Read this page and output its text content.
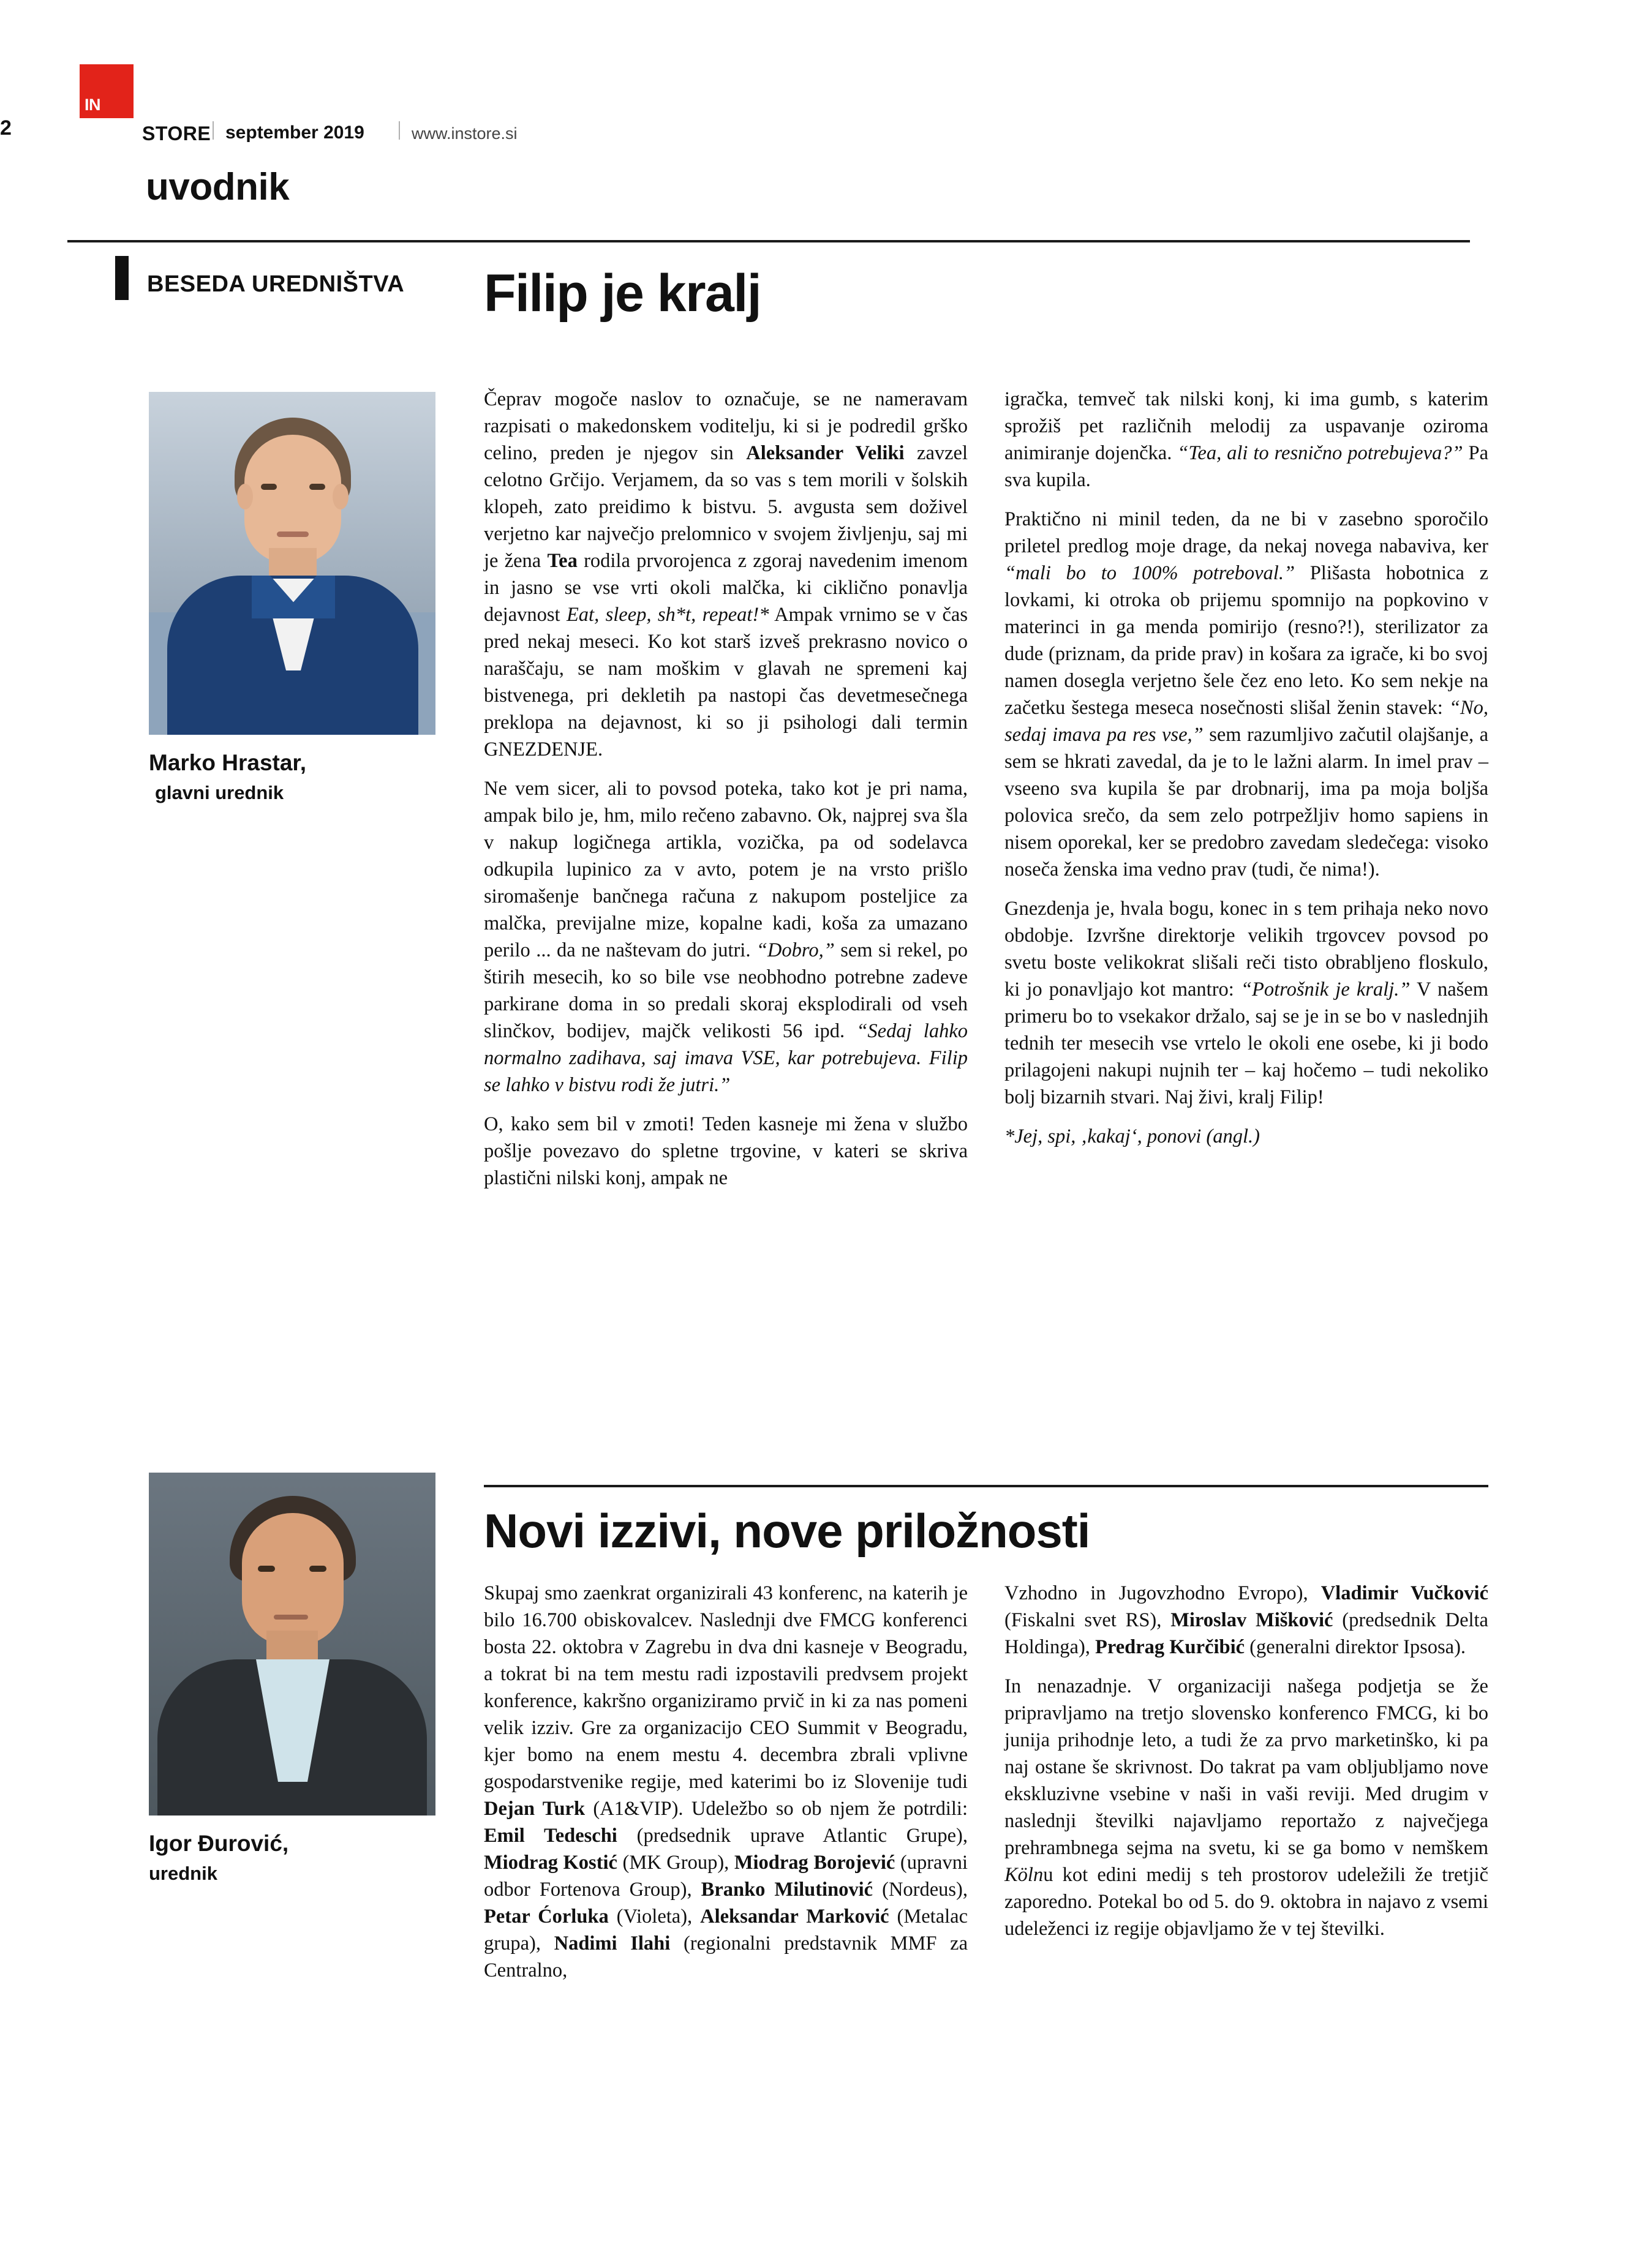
2
IN
STORE september 2019	www.instore.si
uvodnik
BESEDA UREDNIŠTVA Filip je kralj
Marko Hrastar,
glavni urednik

Čeprav mogoče naslov to označuje, se ne nameravam razpisati o makedonskem voditelju, ki si je podredil grško celino, preden je njegov sin Aleksander Veliki zavzel celotno Grčijo. Verjamem, da so vas s tem morili v šolskih klopeh, zato preidimo k bistvu. 5. avgusta sem doživel verjetno kar največjo prelomnico v svojem življenju, saj mi je žena Tea rodila prvorojenca z zgoraj navedenim imenom in jasno se vse vrti okoli malčka, ki ciklično ponavlja dejavnost Eat, sleep, sh*t, repeat!* Ampak vrnimo se v čas pred nekaj meseci. Ko kot starš izveš prekrasno novico o naraščaju, se nam moškim v glavah ne spremeni kaj bistvenega, pri dekletih pa nastopi čas devetmesečnega preklopa na dejavnost, ki so ji psihologi dali termin GNEZDENJE.

Ne vem sicer, ali to povsod poteka, tako kot je pri nama, ampak bilo je, hm, milo rečeno zabavno. Ok, najprej sva šla v nakup logičnega artikla, vozička, pa od sodelavca odkupila lupinico za v avto, potem je na vrsto prišlo siromašenje bančnega računa z nakupom posteljice za malčka, previjalne mize, kopalne kadi, koša za umazano perilo ... da ne naštevam do jutri. “Dobro,” sem si rekel, po štirih mesecih, ko so bile vse neobhodno potrebne zadeve parkirane doma in so predali skoraj eksplodirali od vseh slinčkov, bodijev, majčk velikosti 56 ipd. “Sedaj lahko normalno zadihava, saj imava VSE, kar potrebujeva. Filip se lahko v bistvu rodi že jutri.”

O, kako sem bil v zmoti! Teden kasneje mi žena v službo pošlje povezavo do spletne trgovine, v kateri se skriva plastični nilski konj, ampak ne

igračka, temveč tak nilski konj, ki ima gumb, s katerim sprožiš pet različnih melodij za uspavanje oziroma animiranje dojenčka. “Tea, ali to resnično potrebujeva?” Pa sva kupila.

Praktično ni minil teden, da ne bi v zasebno sporočilo priletel predlog moje drage, da nekaj novega nabaviva, ker “mali bo to 100% potreboval.” Plišasta hobotnica z lovkami, ki otroka ob prijemu spomnijo na popkovino v materinci in ga menda pomirijo (resno?!), sterilizator za dude (priznam, da pride prav) in košara za igrače, ki bo svoj namen dosegla verjetno šele čez eno leto. Ko sem nekje na začetku šestega meseca nosečnosti slišal ženin stavek: “No, sedaj imava pa res vse,” sem razumljivo začutil olajšanje, a sem se hkrati zavedal, da je to le lažni alarm. In imel prav – vseeno sva kupila še par drobnarij, ima pa moja boljša polovica srečo, da sem zelo potrpežljiv homo sapiens in nisem oporekal, ker se predobro zavedam sledečega: visoko noseča ženska ima vedno prav (tudi, če nima!).

Gnezdenja je, hvala bogu, konec in s tem prihaja neko novo obdobje. Izvršne direktorje velikih trgovcev povsod po svetu boste velikokrat slišali reči tisto obrabljeno floskulo, ki jo ponavljajo kot mantro: “Potrošnik je kralj.” V našem primeru bo to vsekakor držalo, saj se je in se bo v naslednjih tednih ter mesecih vse vrtelo le okoli ene osebe, ki ji bodo prilagojeni nakupi nujnih ter – kaj hočemo – tudi nekoliko bolj bizarnih stvari. Naj živi, kralj Filip!

*Jej, spi, ‚kakaj‘, ponovi (angl.)

Novi izzivi, nove priložnosti
Igor Đurović,
urednik

Skupaj smo zaenkrat organizirali 43 konferenc, na katerih je bilo 16.700 obiskovalcev. Naslednji dve FMCG konferenci bosta 22. oktobra v Zagrebu in dva dni kasneje v Beogradu, a tokrat bi na tem mestu radi izpostavili predvsem projekt konference, kakršno organiziramo prvič in ki za nas pomeni velik izziv. Gre za organizacijo CEO Summit v Beogradu, kjer bomo na enem mestu 4. decembra zbrali vplivne gospodarstvenike regije, med katerimi bo iz Slovenije tudi Dejan Turk (A1&VIP). Udeležbo so ob njem že potrdili: Emil Tedeschi (predsednik uprave Atlantic Grupe), Miodrag Kostić (MK Group), Miodrag Borojević (upravni odbor Fortenova Group), Branko Milutinović (Nordeus), Petar Ćorluka (Violeta), Aleksandar Marković (Metalac grupa), Nadimi Ilahi (regionalni predstavnik MMF za Centralno,

Vzhodno in Jugovzhodno Evropo), Vladimir Vučković (Fiskalni svet RS), Miroslav Mišković (predsednik Delta Holdinga), Predrag Kurčibić (generalni direktor Ipsosa).

In nenazadnje. V organizaciji našega podjetja se že pripravljamo na tretjo slovensko konferenco FMCG, ki bo junija prihodnje leto, a tudi že za prvo marketinško, ki pa naj ostane še skrivnost. Do takrat pa vam obljubljamo nove ekskluzivne vsebine v naši in vaši reviji. Med drugim v naslednji številki najavljamo reportažo z največjega prehrambnega sejma na svetu, ki se ga bomo v nemškem Kölnu kot edini medij s teh prostorov udeležili že tretjič zaporedno. Potekal bo od 5. do 9. oktobra in najavo z vsemi udeleženci iz regije objavljamo že v tej številki.
